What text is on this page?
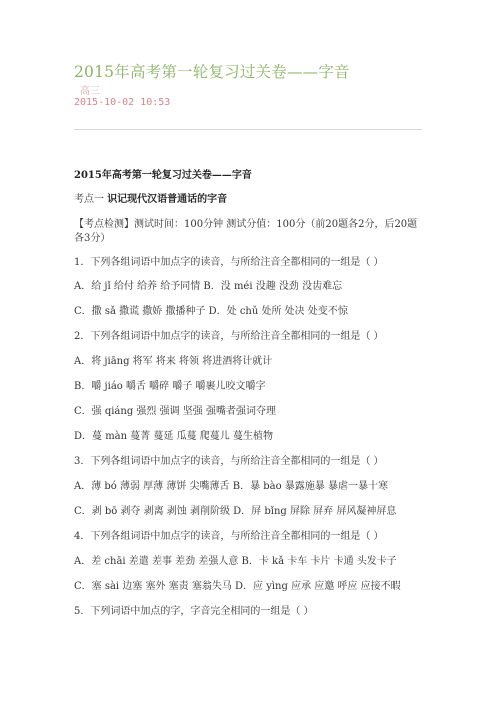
2015年高考第一轮复习过关卷——字音
高三
2015-10-02 10:53
2015年高考第一轮复习过关卷——字音
考点一 识记现代汉语普通话的字音
【考点检测】测试时间：100分钟 测试分值：100分（前20题各2分，后20题各3分）
1．下列各组词语中加点字的读音，与所给注音全都相同的一组是（ ）
A．给 jǐ 给付 给养 给予同情 B．没 méi 没趣 没劲 没齿难忘
C．撒 sǎ 撒谎 撒娇 撒播种子 D．处 chǔ 处所 处决 处变不惊
2．下列各组词语中加点字的读音，与所给注音全都相同的一组是（ ）
A．将 jiāng 将军 将来 将领 将进酒将计就计
B．嚼 jiáo 嚼舌 嚼碎 嚼子 嚼裹儿咬文嚼字
C．强 qiáng 强烈 强调 坚强 强嘴者强词夺理
D．蔓 màn 蔓菁 蔓延 瓜蔓 爬蔓儿 蔓生植物
3．下列各组词语中加点字的读音，与所给注音全都相同的一组是（ ）
A．薄 bó 薄弱 厚薄 薄饼 尖嘴薄舌 B．暴 bào 暴露施暴 暴虐一暴十寒
C．剥 bō 剥夺 剥离 剥蚀 剥削阶级 D．屏 bǐng 屏除 屏弃 屏风凝神屏息
4．下列各组词语中加点字的读音，与所给注音全都相同的一组是（ ）
A．差 chāi 差遣 差事 差劲 差强人意 B．卡 kǎ 卡车 卡片 卡通 头发卡子
C．塞 sài 边塞 塞外 塞责 塞翁失马 D．应 yìng 应承 应邀 呼应 应接不暇
5．下列词语中加点的字，字音完全相同的一组是（ ）
